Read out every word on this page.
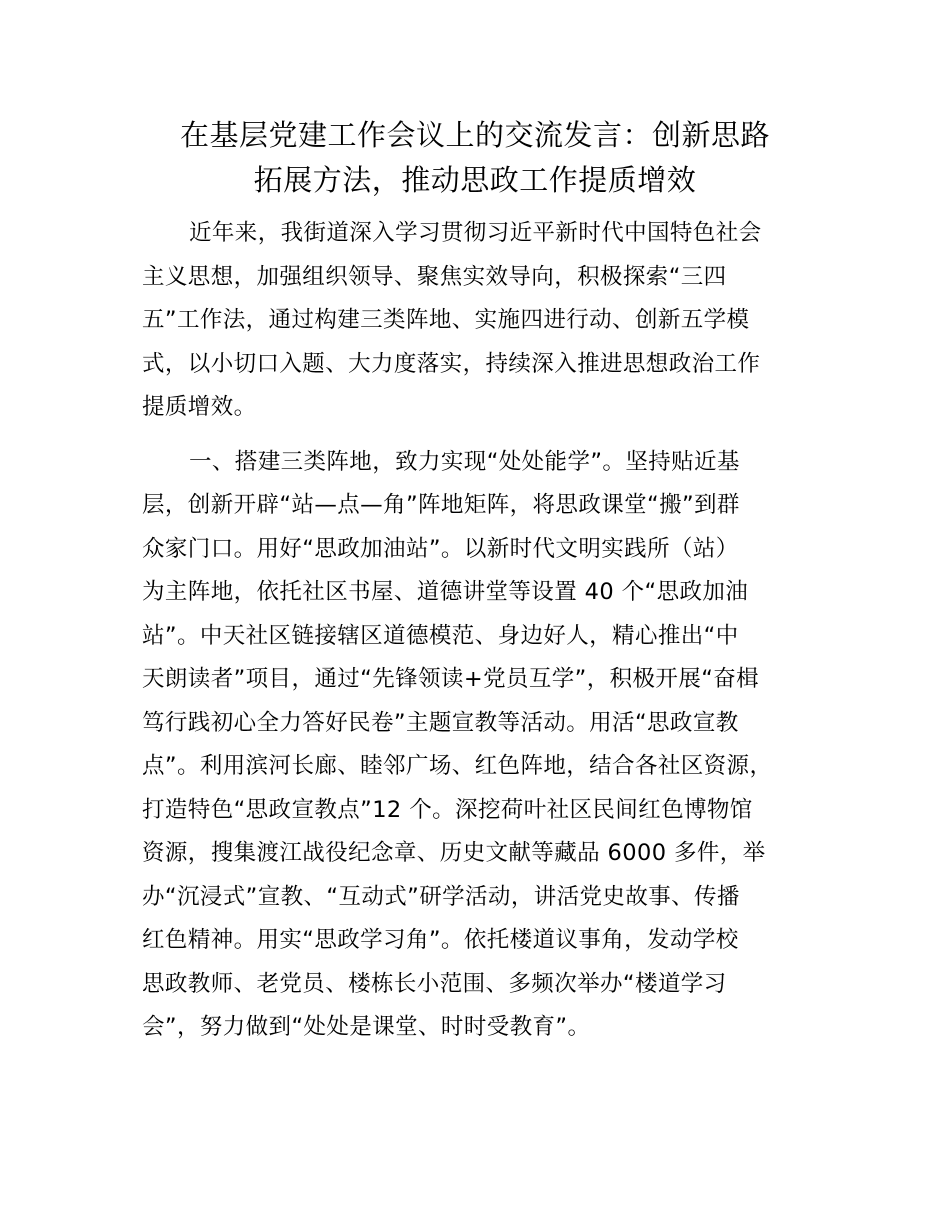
在基层党建工作会议上的交流发言：创新思路
拓展方法，推动思政工作提质增效

近年来，我街道深入学习贯彻习近平新时代中国特色社会
主义思想，加强组织领导、聚焦实效导向，积极探索“三四
五”工作法，通过构建三类阵地、实施四进行动、创新五学模
式，以小切口入题、大力度落实，持续深入推进思想政治工作
提质增效。

一、搭建三类阵地，致力实现“处处能学”。坚持贴近基
层，创新开辟“站—点—角”阵地矩阵，将思政课堂“搬”到群
众家门口。用好“思政加油站”。以新时代文明实践所（站）
为主阵地，依托社区书屋、道德讲堂等设置 40 个“思政加油
站”。中天社区链接辖区道德模范、身边好人，精心推出“中
天朗读者”项目，通过“先锋领读+党员互学”，积极开展“奋楫
笃行践初心全力答好民卷”主题宣教等活动。用活“思政宣教
点”。利用滨河长廊、睦邻广场、红色阵地，结合各社区资源，
打造特色“思政宣教点”12 个。深挖荷叶社区民间红色博物馆
资源，搜集渡江战役纪念章、历史文献等藏品 6000 多件，举
办“沉浸式”宣教、“互动式”研学活动，讲活党史故事、传播
红色精神。用实“思政学习角”。依托楼道议事角，发动学校
思政教师、老党员、楼栋长小范围、多频次举办“楼道学习
会”，努力做到“处处是课堂、时时受教育”。
